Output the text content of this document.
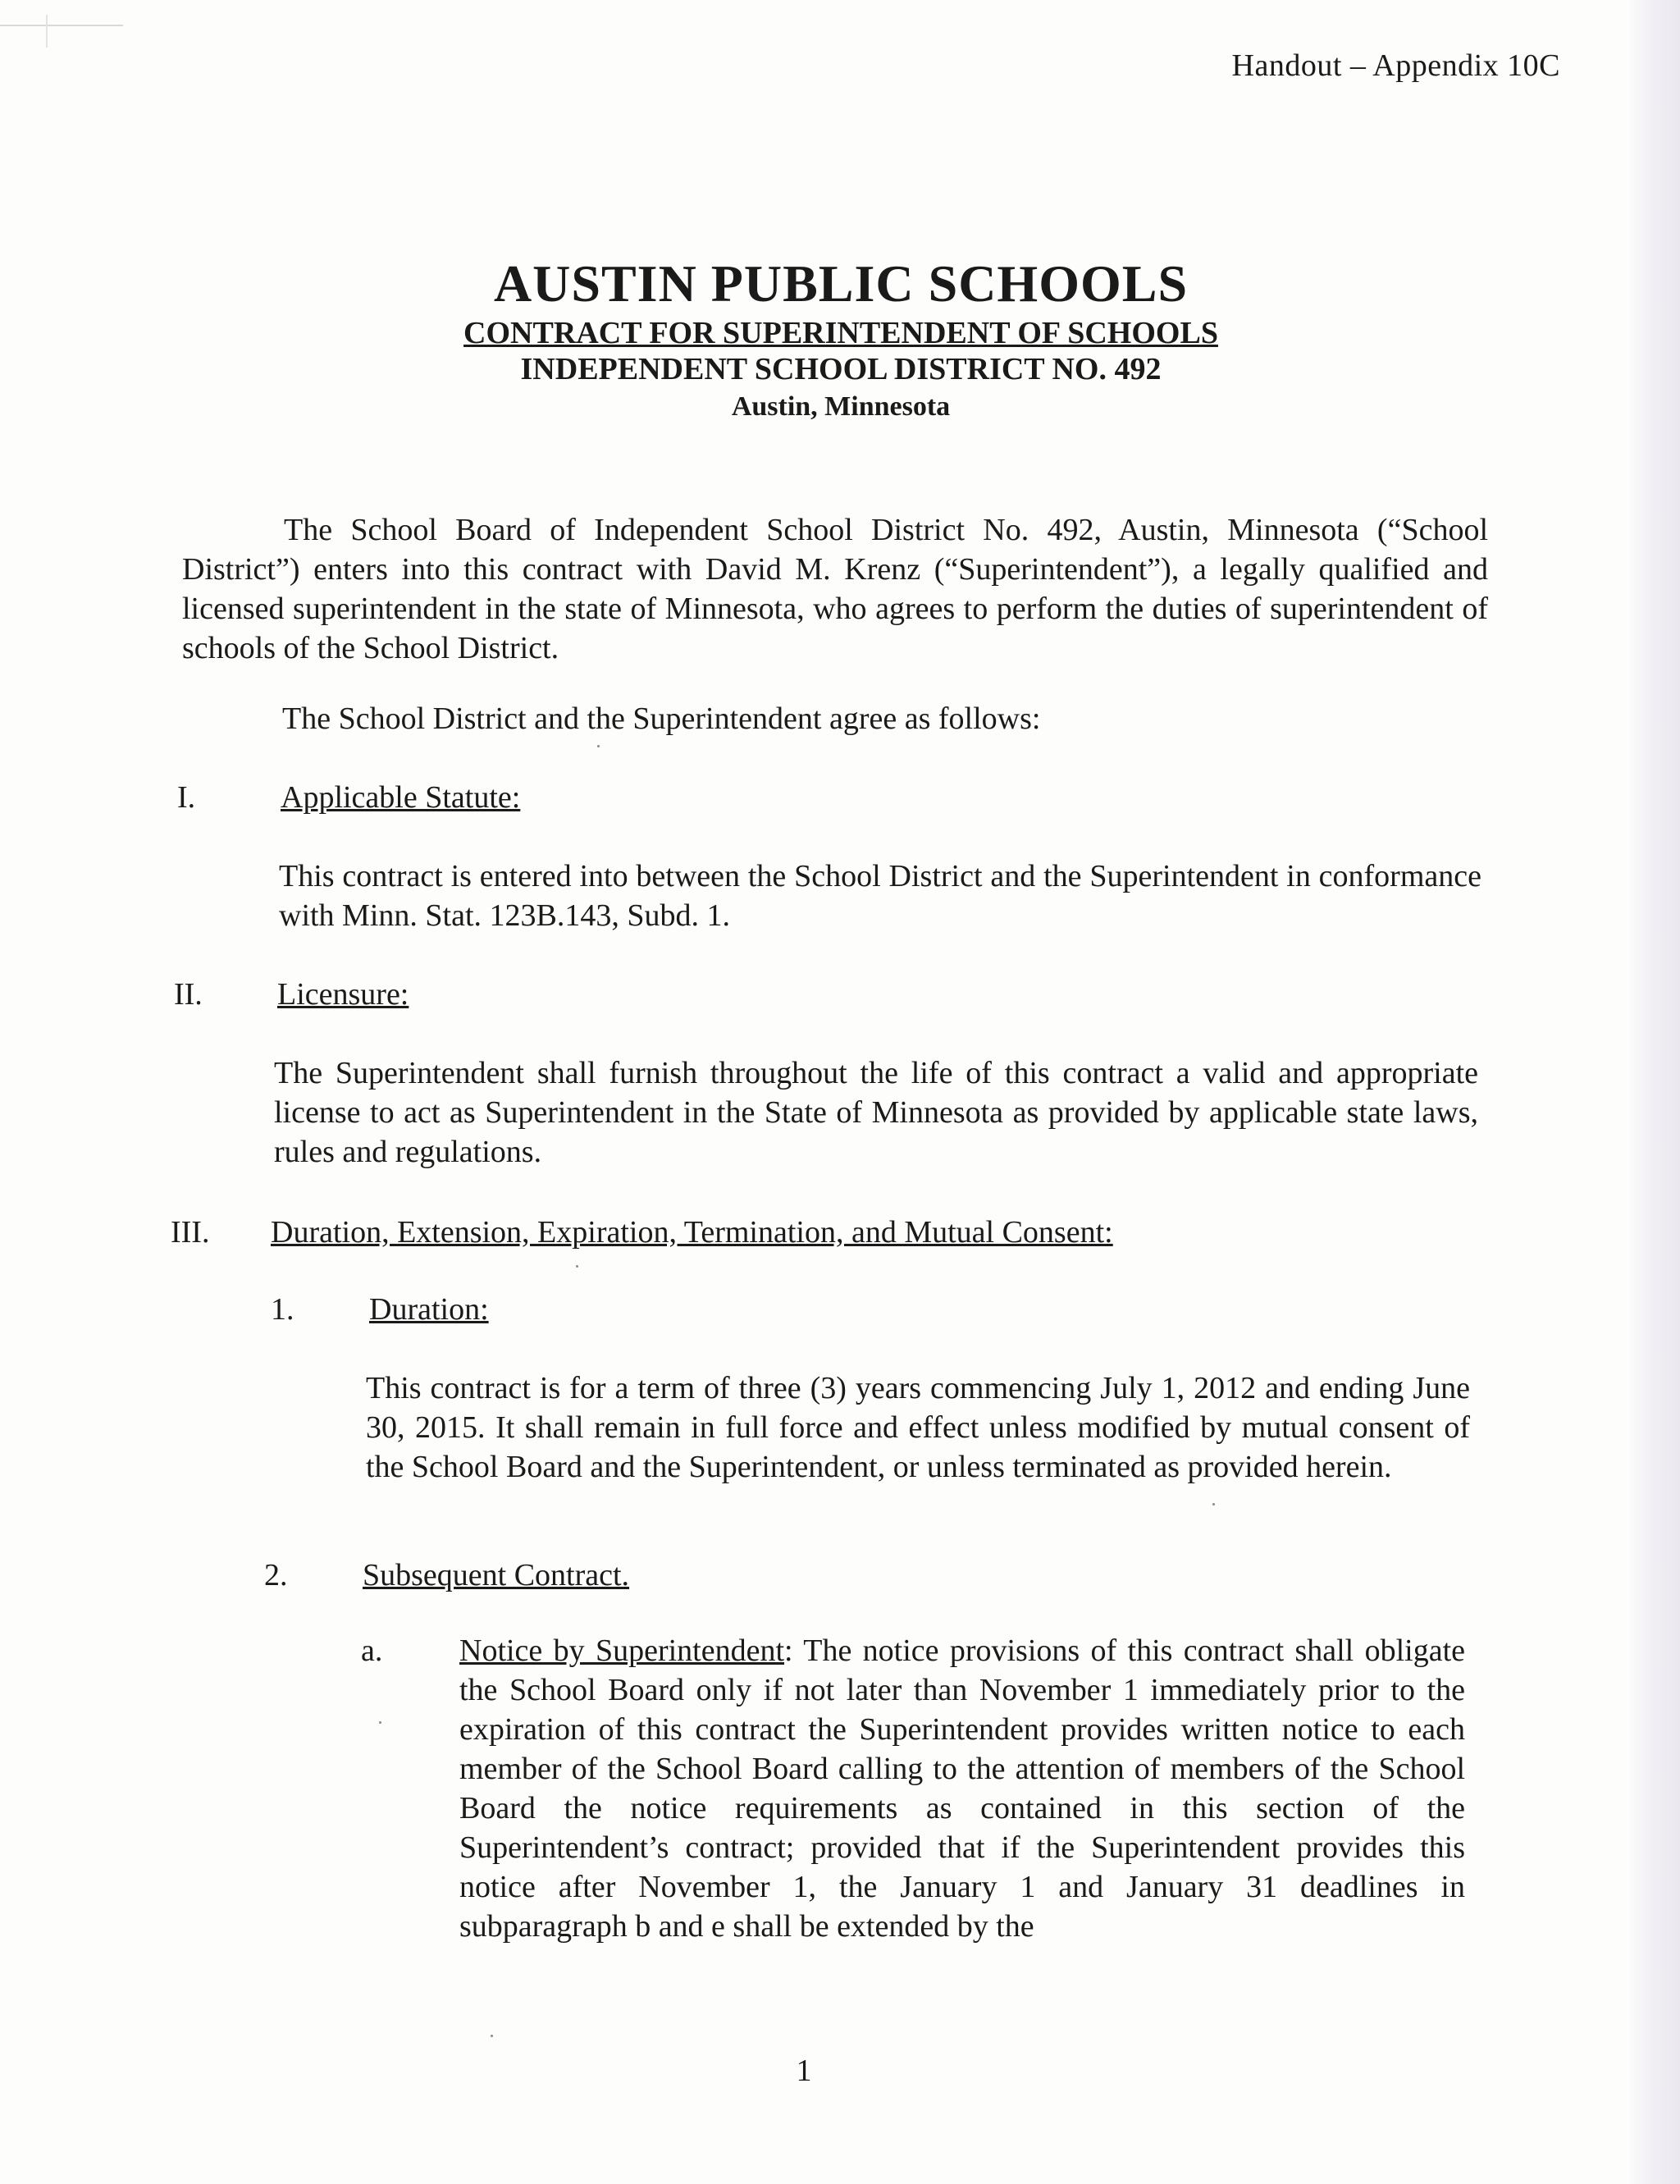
Handout – Appendix 10C
AUSTIN PUBLIC SCHOOLS
CONTRACT FOR SUPERINTENDENT OF SCHOOLS
INDEPENDENT SCHOOL DISTRICT NO. 492
Austin, Minnesota

The School Board of Independent School District No. 492, Austin, Minnesota (“School District”) enters into this contract with David M. Krenz (“Superintendent”), a legally qualified and licensed superintendent in the state of Minnesota, who agrees to perform the duties of superintendent of schools of the School District.

The School District and the Superintendent agree as follows:

I.	Applicable Statute:

This contract is entered into between the School District and the Superintendent in conformance with Minn. Stat. 123B.143, Subd. 1.

II. Licensure:

The Superintendent shall furnish throughout the life of this contract a valid and appropriate license to act as Superintendent in the State of Minnesota as provided by applicable state laws, rules and regulations.

III. Duration, Extension, Expiration, Termination, and Mutual Consent:
1. Duration:

This contract is for a term of three (3) years commencing July 1, 2012 and ending June 30, 2015. It shall remain in full force and effect unless modified by mutual consent of the School Board and the Superintendent, or unless terminated as provided herein.

2. Subsequent Contract.
a. Notice by Superintendent: The notice provisions of this contract shall obligate the School Board only if not later than November 1 immediately prior to the expiration of this contract the Superintendent provides written notice to each member of the School Board calling to the attention of members of the School Board the notice requirements as contained in this section of the Superintendent’s contract; provided that if the Superintendent provides this notice after November 1, the January 1 and January 31 deadlines in subparagraph b and e shall be extended by the

1
